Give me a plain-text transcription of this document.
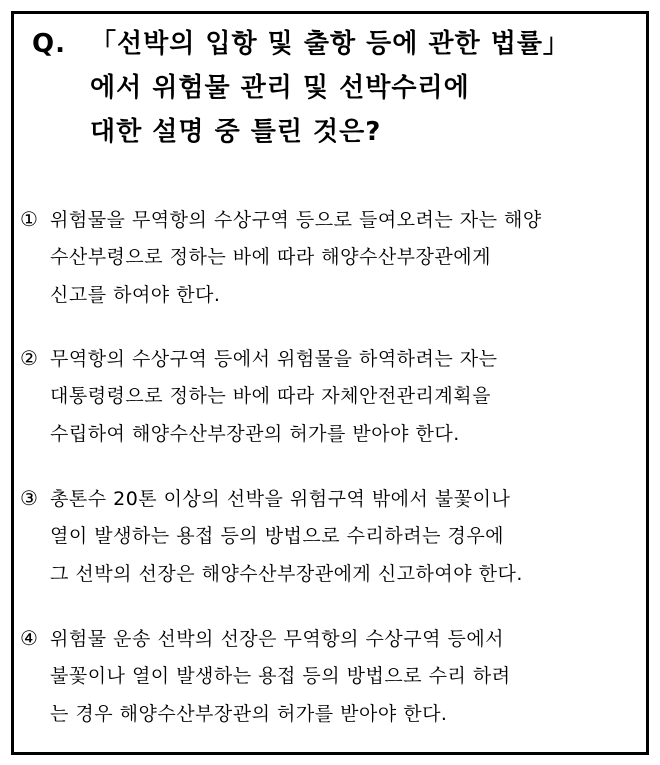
Q. 「선박의 입항 및 출항 등에 관한 법률」
에서 위험물 관리 및 선박수리에
대한 설명 중 틀린 것은?
① 위험물을 무역항의 수상구역 등으로 들여오려는 자는 해양
수산부령으로 정하는 바에 따라 해양수산부장관에게
신고를 하여야 한다.
② 무역항의 수상구역 등에서 위험물을 하역하려는 자는
대통령령으로 정하는 바에 따라 자체안전관리계획을
수립하여 해양수산부장관의 허가를 받아야 한다.
③ 총톤수 20톤 이상의 선박을 위험구역 밖에서 불꽃이나
열이 발생하는 용접 등의 방법으로 수리하려는 경우에
그 선박의 선장은 해양수산부장관에게 신고하여야 한다.
④ 위험물 운송 선박의 선장은 무역항의 수상구역 등에서
불꽃이나 열이 발생하는 용접 등의 방법으로 수리 하려
는 경우 해양수산부장관의 허가를 받아야 한다.
